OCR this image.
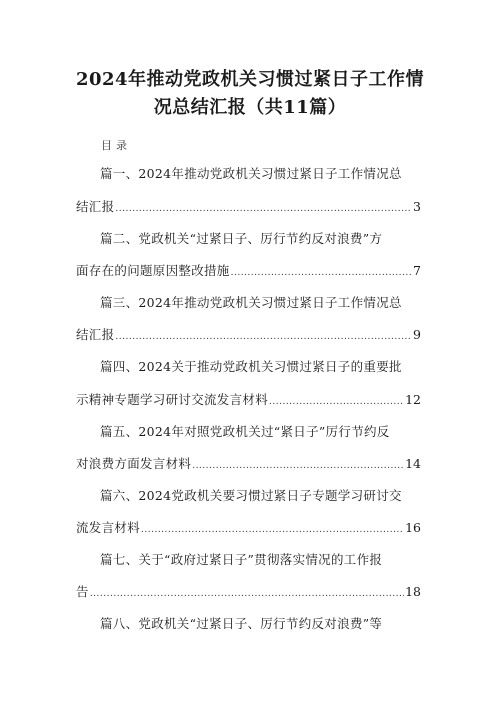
2024年推动党政机关习惯过紧日子工作情
况总结汇报（共11篇）
目录
篇一、2024年推动党政机关习惯过紧日子工作情况总
结汇报 .....	3
篇二、党政机关“过紧日子、厉行节约反对浪费”方
面存在的问题原因整改措施 .....	7
篇三、2024年推动党政机关习惯过紧日子工作情况总
结汇报 .....	9
篇四、2024关于推动党政机关习惯过紧日子的重要批
示精神专题学习研讨交流发言材料 .....	12
篇五、2024年对照党政机关过“紧日子”厉行节约反
对浪费方面发言材料 .....	14
篇六、2024党政机关要习惯过紧日子专题学习研讨交
流发言材料 .....	16
篇七、关于“政府过紧日子”贯彻落实情况的工作报
告 .....	18
篇八、党政机关“过紧日子、厉行节约反对浪费”等
